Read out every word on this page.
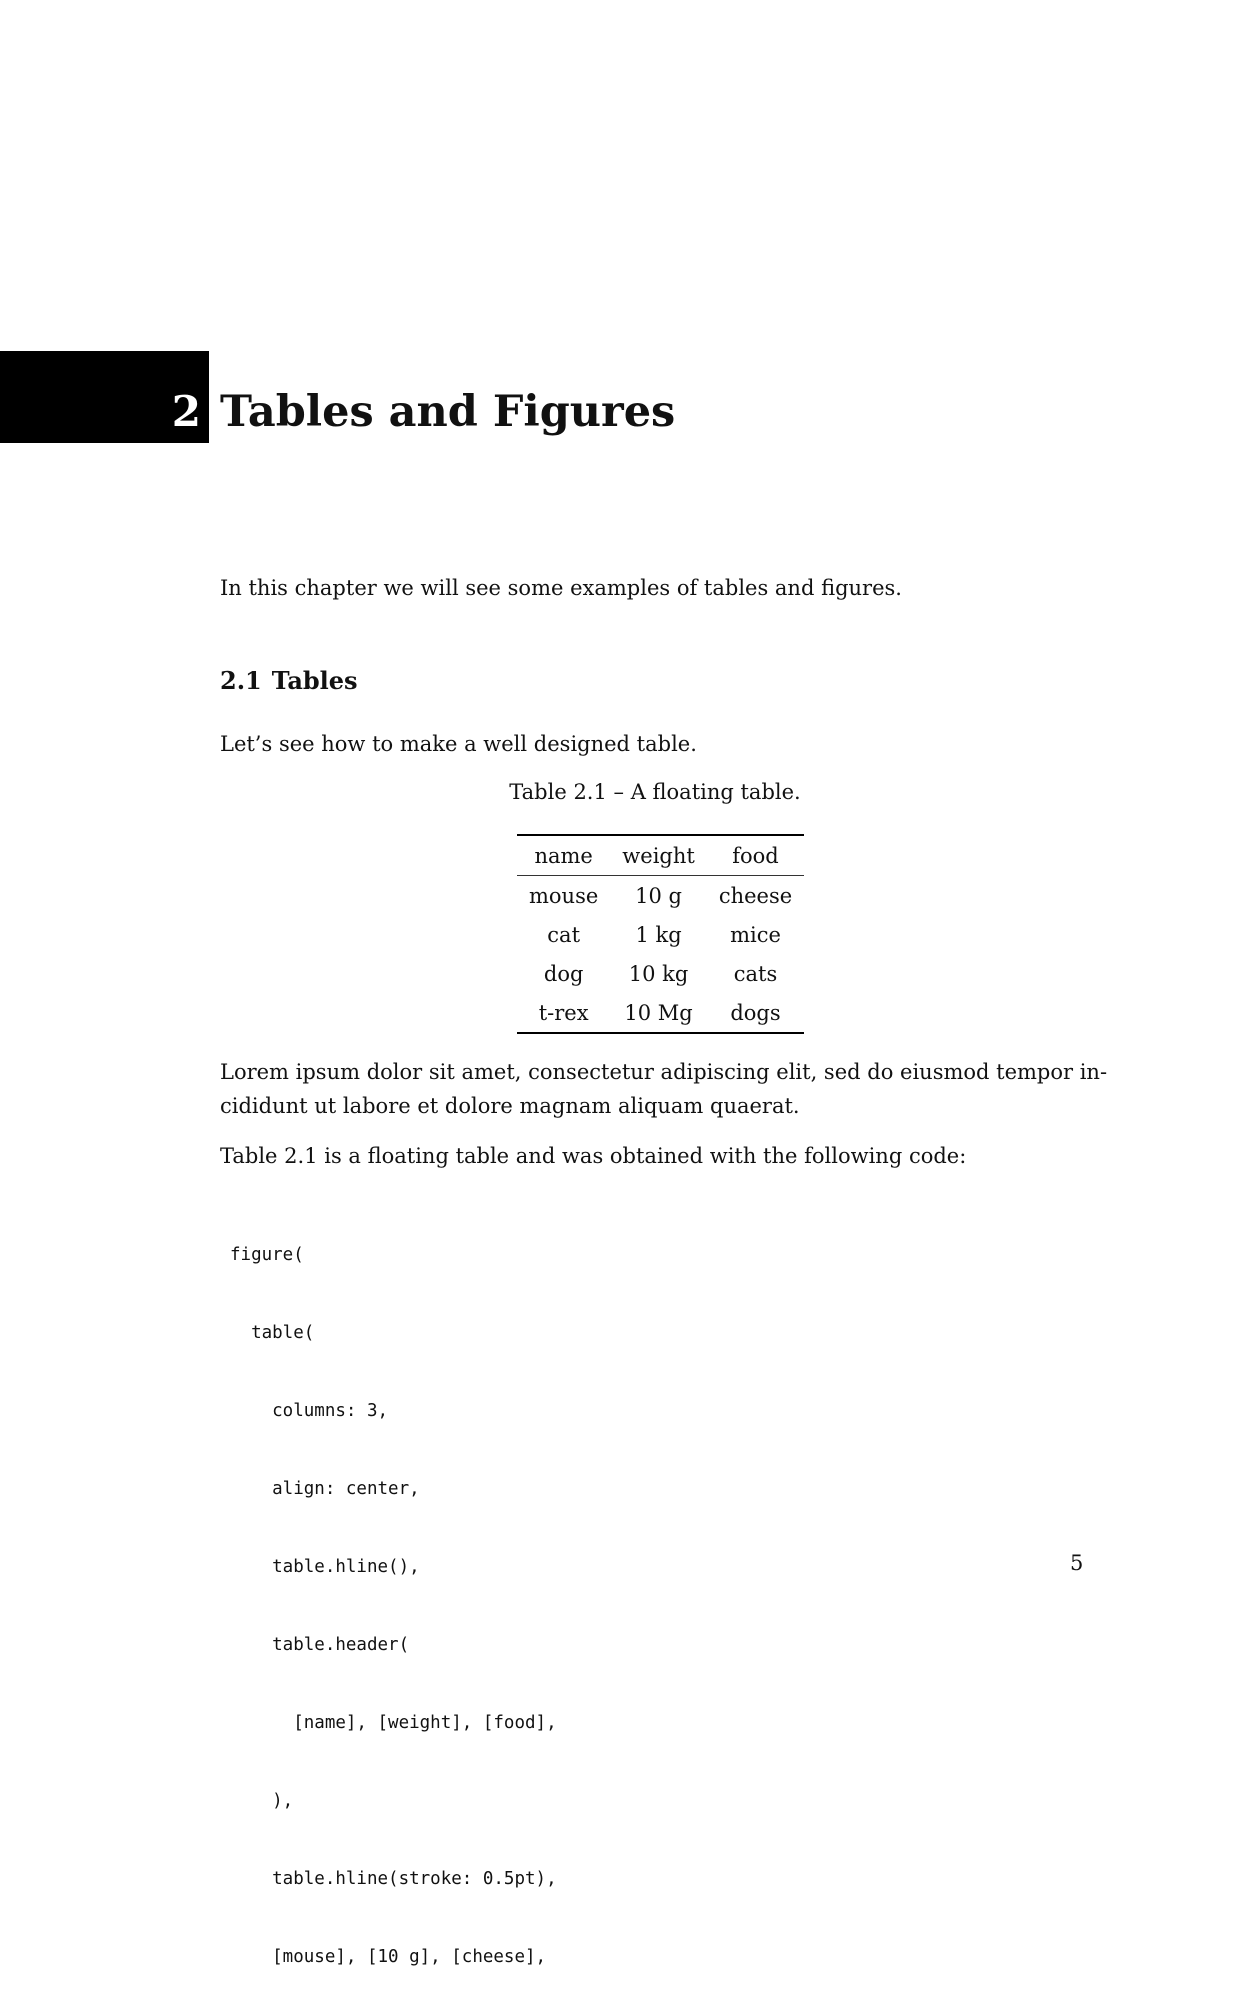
2 Tables and Figures

In this chapter we will see some examples of tables and figures.

2.1 Tables

Let’s see how to make a well designed table.

Table 2.1 – A floating table.

name	weight	food
mouse	10 g	cheese
cat	1 kg	mice
dog	10 kg	cats
t-rex	10 Mg	dogs

Lorem ipsum dolor sit amet, consectetur adipiscing elit, sed do eiusmod tempor in-

cididunt ut labore et dolore magnam aliquam quaerat.

Table 2.1 is a floating table and was obtained with the following code:

figure(

table(

columns: 3,

align: center,

table.hline(),

table.header(

[name], [weight], [food],

),

table.hline(stroke: 0.5pt),

[mouse], [10 g], [cheese],

5
